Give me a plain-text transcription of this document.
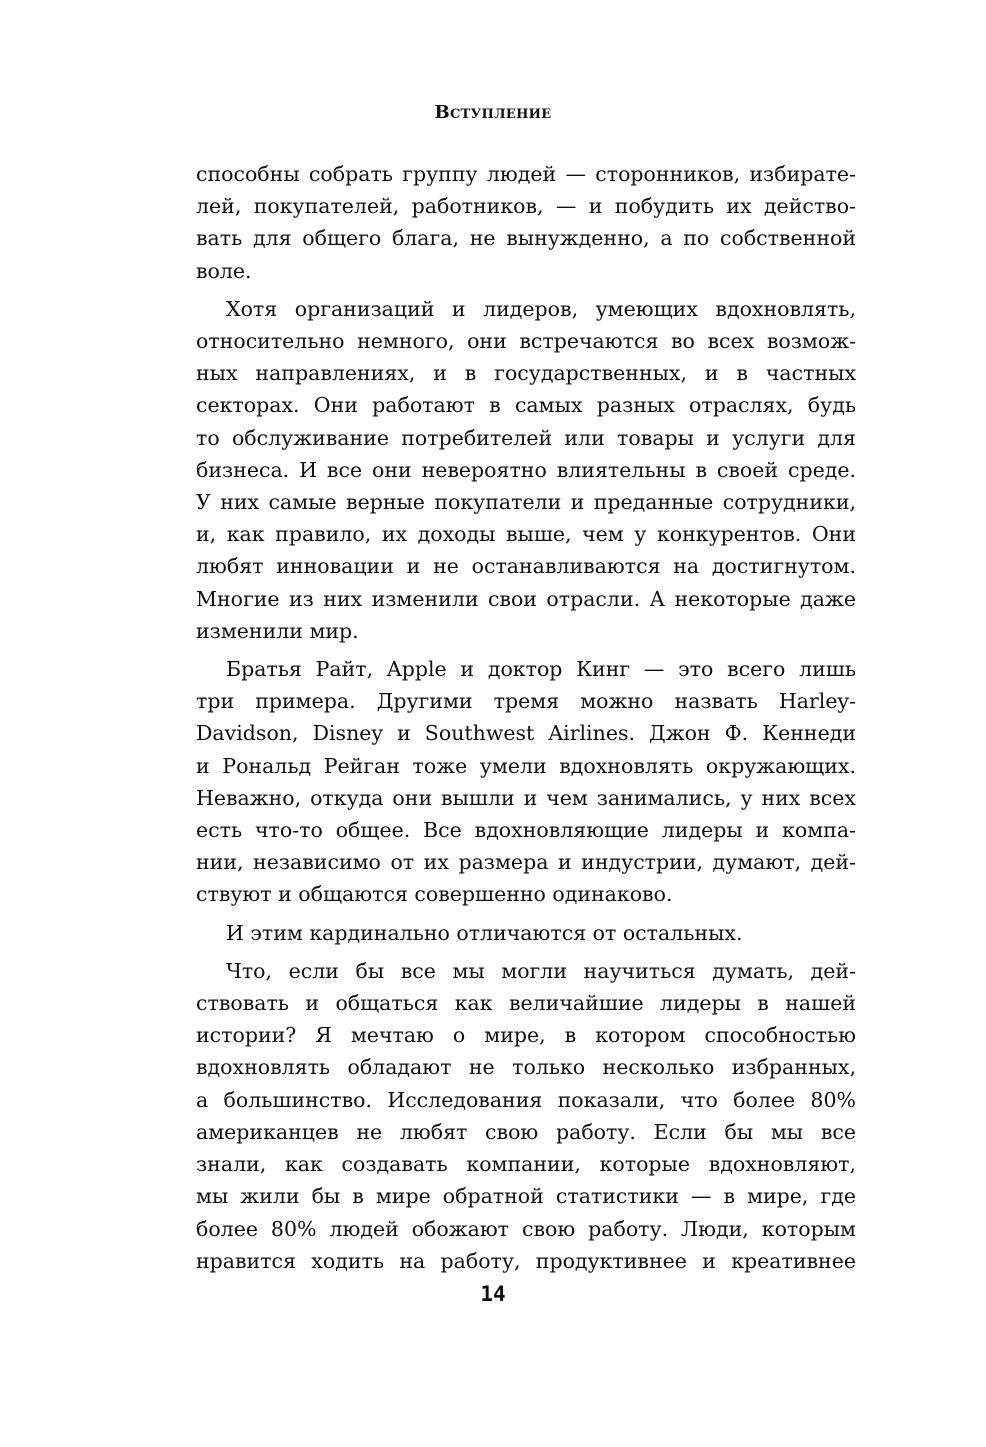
Вступление

способны собрать группу людей — сторонников, избирате-
лей, покупателей, работников, — и побудить их действо-
вать для общего блага, не вынужденно, а по собственной
воле.

Хотя организаций и лидеров, умеющих вдохновлять,
относительно немного, они встречаются во всех возмож-
ных направлениях, и в государственных, и в частных
секторах. Они работают в самых разных отраслях, будь
то обслуживание потребителей или товары и услуги для
бизнеса. И все они невероятно влиятельны в своей среде.
У них самые верные покупатели и преданные сотрудники,
и, как правило, их доходы выше, чем у конкурентов. Они
любят инновации и не останавливаются на достигнутом.
Многие из них изменили свои отрасли. А некоторые даже
изменили мир.

Братья Райт, Apple и доктор Кинг — это всего лишь
три примера. Другими тремя можно назвать Harley-
Davidson, Disney и Southwest Airlines. Джон Ф. Кеннеди
и Рональд Рейган тоже умели вдохновлять окружающих.
Неважно, откуда они вышли и чем занимались, у них всех
есть что-то общее. Все вдохновляющие лидеры и компа-
нии, независимо от их размера и индустрии, думают, дей-
ствуют и общаются совершенно одинаково.

И этим кардинально отличаются от остальных.

Что, если бы все мы могли научиться думать, дей-
ствовать и общаться как величайшие лидеры в нашей
истории? Я мечтаю о мире, в котором способностью
вдохновлять обладают не только несколько избранных,
а большинство. Исследования показали, что более 80%
американцев не любят свою работу. Если бы мы все
знали, как создавать компании, которые вдохновляют,
мы жили бы в мире обратной статистики — в мире, где
более 80% людей обожают свою работу. Люди, которым
нравится ходить на работу, продуктивнее и креативнее

14
